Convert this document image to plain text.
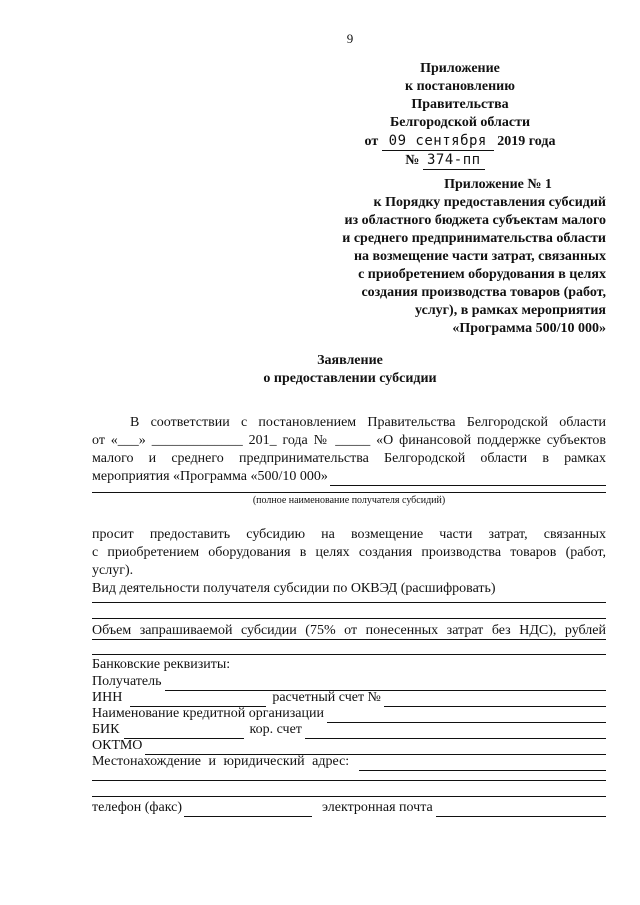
9
Приложение
к постановлению Правительства
Белгородской области
от 09 сентября 2019 года
№ 374-пп
Приложение № 1
к Порядку предоставления субсидий
из областного бюджета субъектам малого
и среднего предпринимательства области
на возмещение части затрат, связанных
с приобретением оборудования в целях
создания производства товаров (работ,
услуг), в рамках мероприятия
«Программа 500/10 000»
Заявление
о предоставлении субсидии
В соответствии с постановлением Правительства Белгородской области
от «___» _____________ 201_ года № _____ «О финансовой поддержке субъектов
малого и среднего предпринимательства Белгородской области в рамках
мероприятия «Программа «500/10 000»
(полное наименование получателя субсидий)
просит предоставить субсидию на возмещение части затрат, связанных
с приобретением оборудования в целях создания производства товаров (работ,
услуг).
Вид деятельности получателя субсидии по ОКВЭД (расшифровать)
Объем запрашиваемой субсидии (75% от понесенных затрат без НДС), рублей
Банковские реквизиты:
Получатель
ИНН	расчетный счет №
Наименование кредитной организации
БИК	кор. счет
ОКТМО
Местонахождение и юридический адрес:
телефон (факс)	электронная почта
